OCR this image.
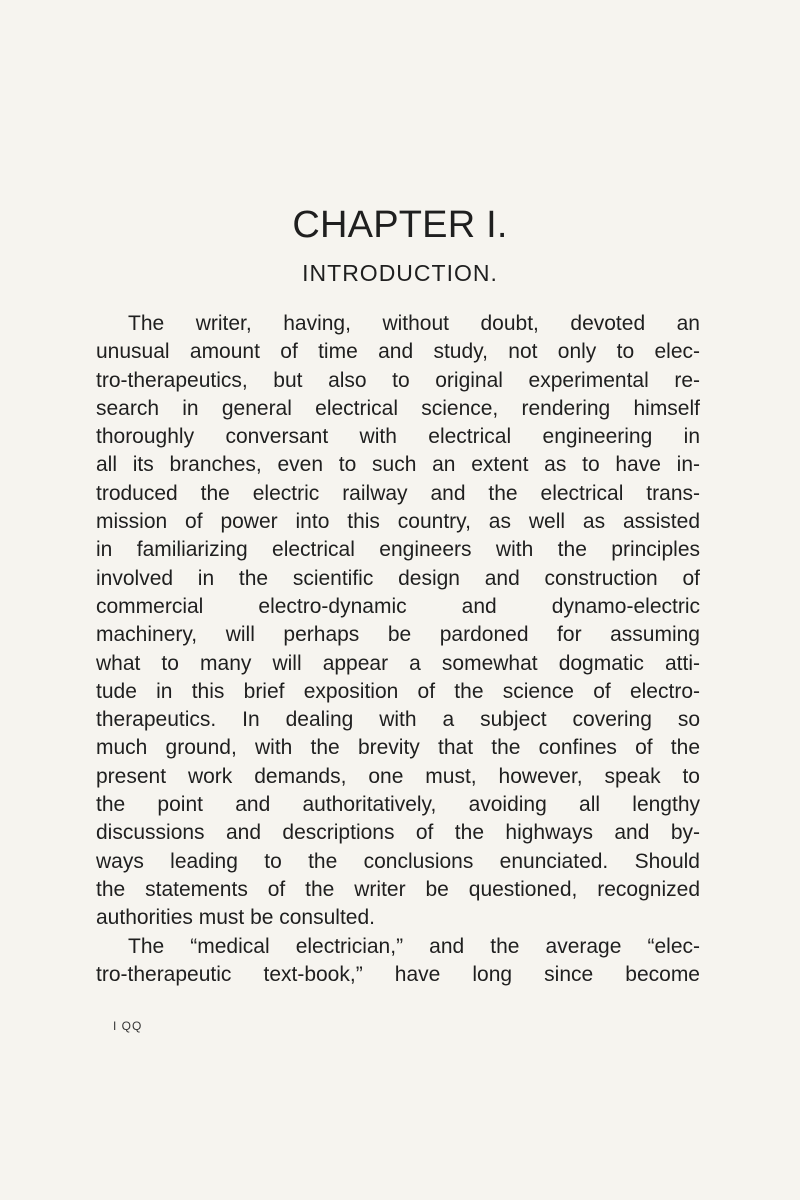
CHAPTER I.
INTRODUCTION.
The writer, having, without doubt, devoted an
unusual amount of time and study, not only to elec-
tro-therapeutics, but also to original experimental re-
search in general electrical science, rendering himself
thoroughly conversant with electrical engineering in
all its branches, even to such an extent as to have in-
troduced the electric railway and the electrical trans-
mission of power into this country, as well as assisted
in familiarizing electrical engineers with the principles
involved in the scientific design and construction of
commercial electro-dynamic and dynamo-electric
machinery, will perhaps be pardoned for assuming
what to many will appear a somewhat dogmatic atti-
tude in this brief exposition of the science of electro-
therapeutics. In dealing with a subject covering so
much ground, with the brevity that the confines of the
present work demands, one must, however, speak to
the point and authoritatively, avoiding all lengthy
discussions and descriptions of the highways and by-
ways leading to the conclusions enunciated. Should
the statements of the writer be questioned, recognized
authorities must be consulted.
The “medical electrician,” and the average “elec-
tro-therapeutic text-book,” have long since become
I QQ
